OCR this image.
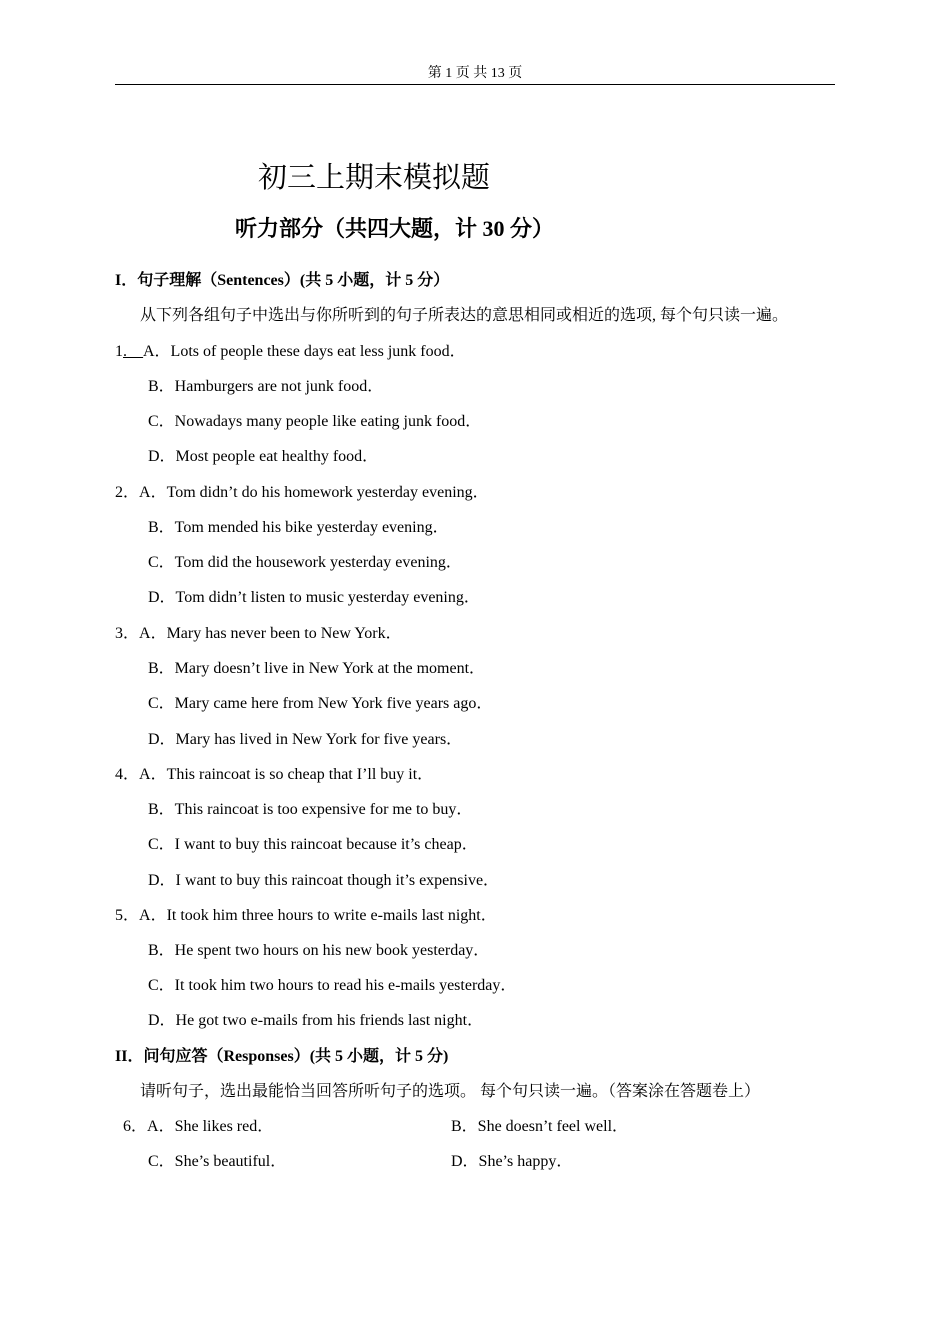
第 1 页 共 13 页
初三上期末模拟题
听力部分（共四大题，计 30 分）
I．句子理解（Sentences）(共 5 小题，计 5 分）
从下列各组句子中选出与你所听到的句子所表达的意思相同或相近的选项, 每个句只读一遍。
1.__A．Lots of people these days eat less junk food．
B．Hamburgers are not junk food．
C．Nowadays many people like eating junk food．
D．Most people eat healthy food．
2．A．Tom didn’t do his homework yesterday evening．
B．Tom mended his bike yesterday evening．
C．Tom did the housework yesterday evening．
D．Tom didn’t listen to music yesterday evening．
3．A．Mary has never been to New York．
B．Mary doesn’t live in New York at the moment．
C．Mary came here from New York five years ago．
D．Mary has lived in New York for five years．
4．A．This raincoat is so cheap that I’ll buy it．
B．This raincoat is too expensive for me to buy．
C．I want to buy this raincoat because it’s cheap．
D．I want to buy this raincoat though it’s expensive．
5．A．It took him three hours to write e-mails last night．
B．He spent two hours on his new book yesterday．
C．It took him two hours to read his e-mails yesterday．
D．He got two e-mails from his friends last night．
II．问句应答（Responses）(共 5 小题，计 5 分)
请听句子，选出最能恰当回答所听句子的选项。 每个句只读一遍。（答案涂在答题卷上）
6．A．She likes red．	B．She doesn’t feel well．
C．She’s beautiful．	D．She’s happy．
